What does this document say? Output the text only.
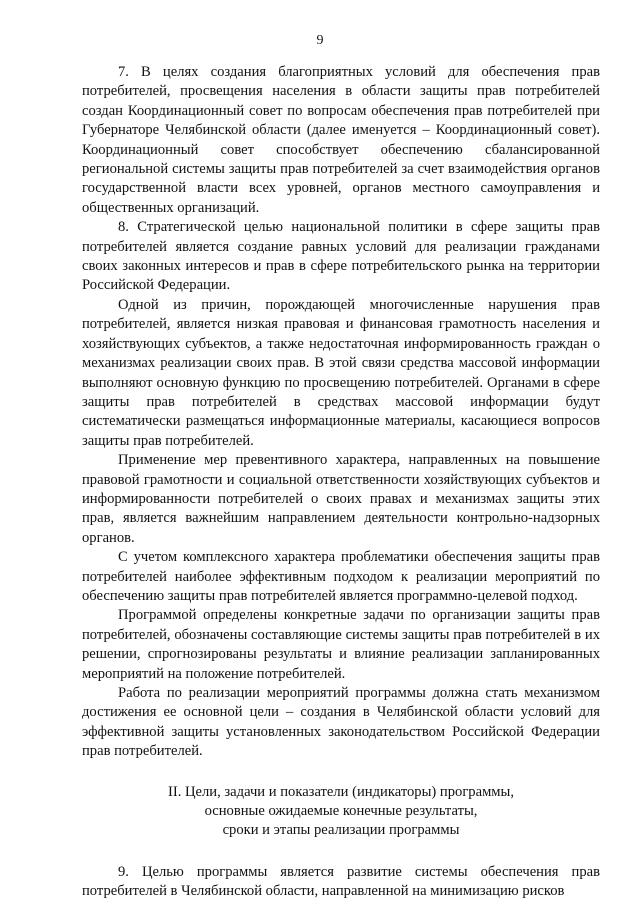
9

7. В целях создания благоприятных условий для обеспечения прав потребителей, просвещения населения в области защиты прав потребителей создан Координационный совет по вопросам обеспечения прав потребителей при Губернаторе Челябинской области (далее именуется – Координационный совет). Координационный совет способствует обеспечению сбалансированной региональной системы защиты прав потребителей за счет взаимодействия органов государственной власти всех уровней, органов местного самоуправления и общественных организаций.

8. Стратегической целью национальной политики в сфере защиты прав потребителей является создание равных условий для реализации гражданами своих законных интересов и прав в сфере потребительского рынка на территории Российской Федерации.

Одной из причин, порождающей многочисленные нарушения прав потребителей, является низкая правовая и финансовая грамотность населения и хозяйствующих субъектов, а также недостаточная информированность граждан о механизмах реализации своих прав. В этой связи средства массовой информации выполняют основную функцию по просвещению потребителей. Органами в сфере защиты прав потребителей в средствах массовой информации будут систематически размещаться информационные материалы, касающиеся вопросов защиты прав потребителей.

Применение мер превентивного характера, направленных на повышение правовой грамотности и социальной ответственности хозяйствующих субъектов и информированности потребителей о своих правах и механизмах защиты этих прав, является важнейшим направлением деятельности контрольно-надзорных органов.

С учетом комплексного характера проблематики обеспечения защиты прав потребителей наиболее эффективным подходом к реализации мероприятий по обеспечению защиты прав потребителей является программно-целевой подход.

Программой определены конкретные задачи по организации защиты прав потребителей, обозначены составляющие системы защиты прав потребителей в их решении, спрогнозированы результаты и влияние реализации запланированных мероприятий на положение потребителей.

Работа по реализации мероприятий программы должна стать механизмом достижения ее основной цели – создания в Челябинской области условий для эффективной защиты установленных законодательством Российской Федерации прав потребителей.

II. Цели, задачи и показатели (индикаторы) программы,
основные ожидаемые конечные результаты,
сроки и этапы реализации программы

9. Целью программы является развитие системы обеспечения прав потребителей в Челябинской области, направленной на минимизацию рисков
